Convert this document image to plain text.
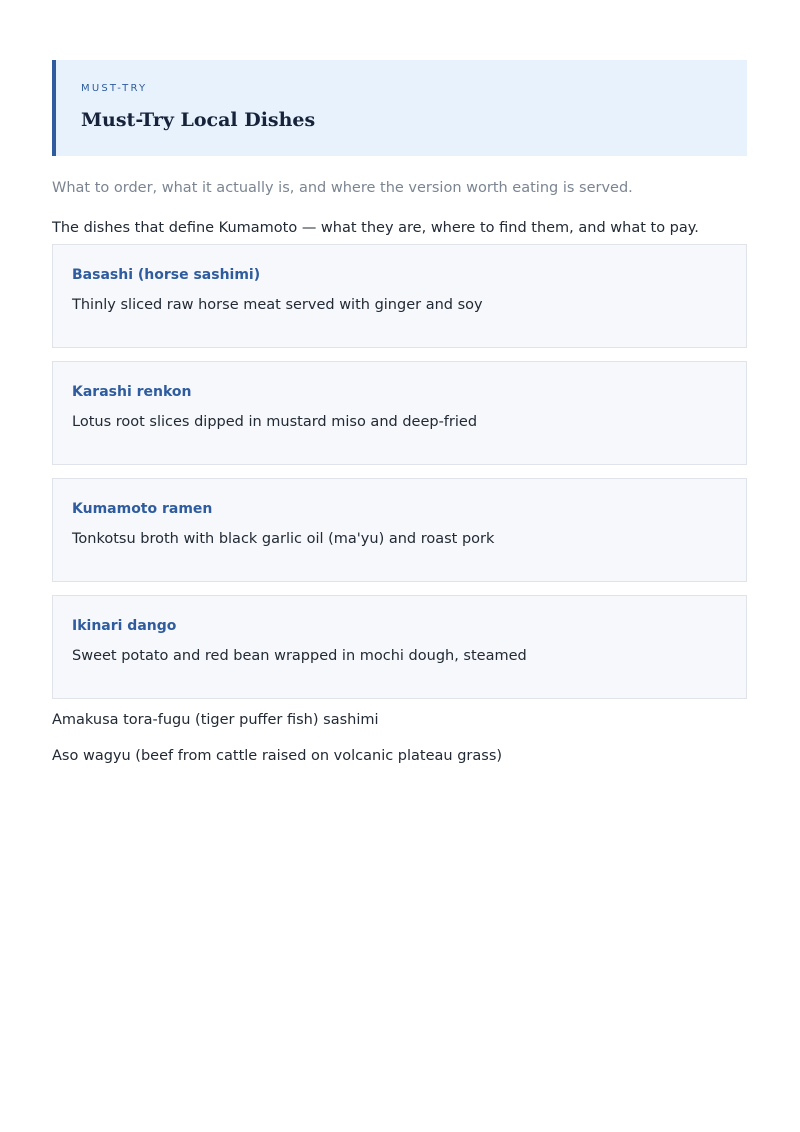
MUST-TRY
Must-Try Local Dishes
What to order, what it actually is, and where the version worth eating is served.
The dishes that define Kumamoto — what they are, where to find them, and what to pay.
Basashi (horse sashimi)
Thinly sliced raw horse meat served with ginger and soy
Karashi renkon
Lotus root slices dipped in mustard miso and deep-fried
Kumamoto ramen
Tonkotsu broth with black garlic oil (ma'yu) and roast pork
Ikinari dango
Sweet potato and red bean wrapped in mochi dough, steamed
Amakusa tora-fugu (tiger puffer fish) sashimi
Aso wagyu (beef from cattle raised on volcanic plateau grass)
